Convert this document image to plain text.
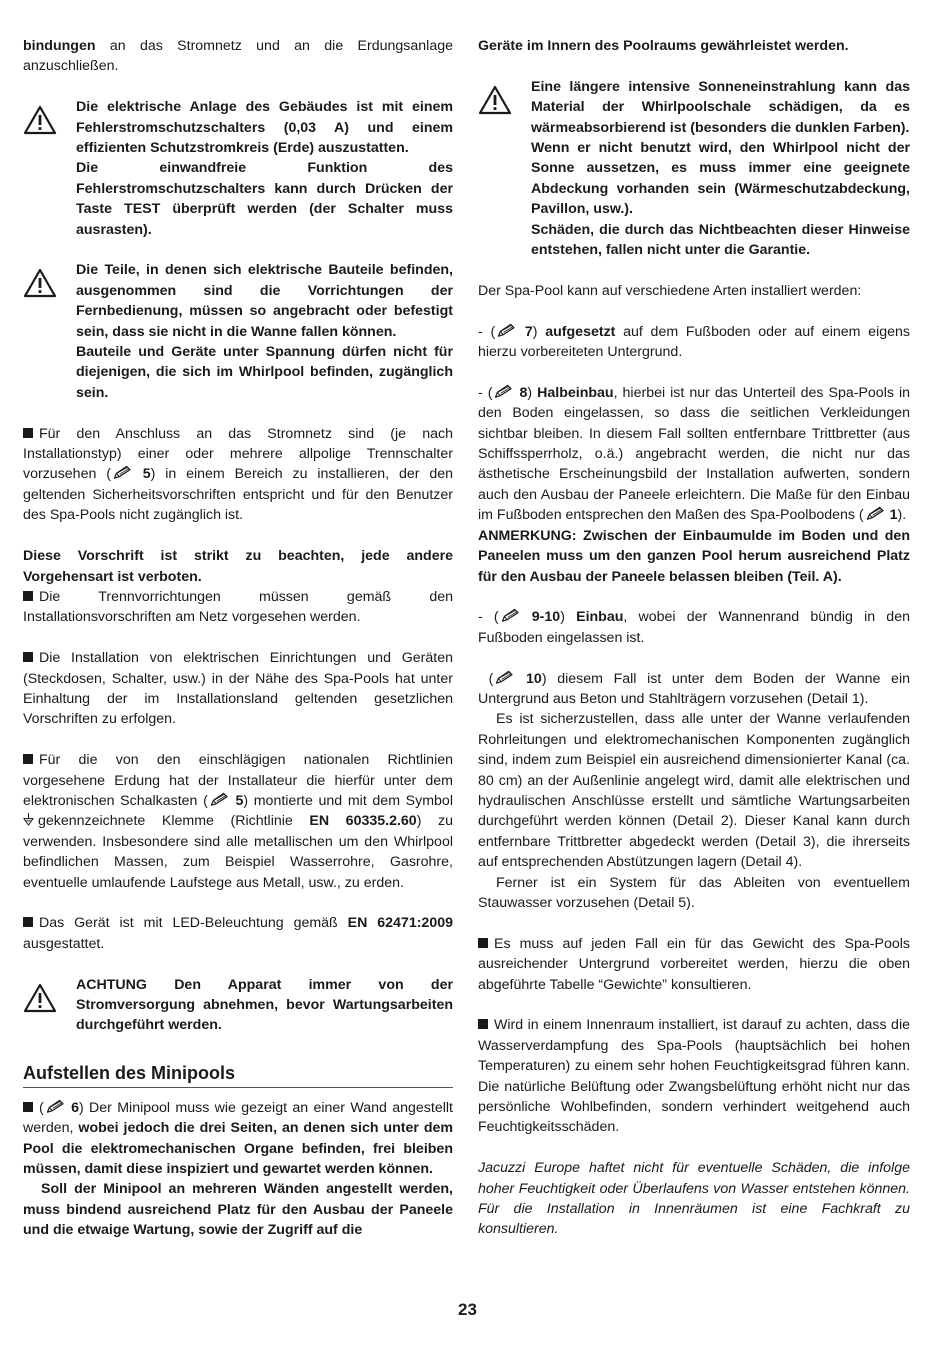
bindungen an das Stromnetz und an die Erdungsanlage anzuschließen.

Die elektrische Anlage des Gebäudes ist mit einem Fehlerstromschutzschalters (0,03 A) und einem effizienten Schutzstromkreis (Erde) auszustatten.

Die einwandfreie Funktion des Fehlerstromschutzschalters kann durch Drücken der Taste TEST überprüft werden (der Schalter muss ausrasten).

Die Teile, in denen sich elektrische Bauteile befinden, ausgenommen sind die Vorrichtungen der Fernbedienung, müssen so angebracht oder befestigt sein, dass sie nicht in die Wanne fallen können.

Bauteile und Geräte unter Spannung dürfen nicht für diejenigen, die sich im Whirlpool befinden, zugänglich sein.

Für den Anschluss an das Stromnetz sind (je nach Installationstyp) einer oder mehrere allpolige Trennschalter vorzusehen ( 5) in einem Bereich zu installieren, der den geltenden Sicherheitsvorschriften entspricht und für den Benutzer des Spa-Pools nicht zugänglich ist.

Diese Vorschrift ist strikt zu beachten, jede andere Vorgehensart ist verboten.

Die Trennvorrichtungen müssen gemäß den Installationsvorschriften am Netz vorgesehen werden.

Die Installation von elektrischen Einrichtungen und Geräten (Steckdosen, Schalter, usw.) in der Nähe des Spa-Pools hat unter Einhaltung der im Installationsland geltenden gesetzlichen Vorschriften zu erfolgen.

Für die von den einschlägigen nationalen Richtlinien vorgesehene Erdung hat der Installateur die hierfür unter dem elektronischen Schalkasten ( 5) montierte und mit dem Symbol gekennzeichnete Klemme (Richtlinie EN 60335.2.60) zu verwenden. Insbesondere sind alle metallischen um den Whirlpool befindlichen Massen, zum Beispiel Wasserrohre, Gasrohre, eventuelle umlaufende Laufstege aus Metall, usw., zu erden.

Das Gerät ist mit LED-Beleuchtung gemäß EN 62471:2009 ausgestattet.

ACHTUNG Den Apparat immer von der Stromversorgung abnehmen, bevor Wartungsarbeiten durchgeführt werden.

Aufstellen des Minipools

( 6) Der Minipool muss wie gezeigt an einer Wand angestellt werden, wobei jedoch die drei Seiten, an denen sich unter dem Pool die elektromechanischen Organe befinden, frei bleiben müssen, damit diese inspiziert und gewartet werden können.

Soll der Minipool an mehreren Wänden angestellt werden, muss bindend ausreichend Platz für den Ausbau der Paneele und die etwaige Wartung, sowie der Zugriff auf die

Geräte im Innern des Poolraums gewährleistet werden.

Eine längere intensive Sonneneinstrahlung kann das Material der Whirlpoolschale schädigen, da es wärmeabsorbierend ist (besonders die dunklen Farben).

Wenn er nicht benutzt wird, den Whirlpool nicht der Sonne aussetzen, es muss immer eine geeignete Abdeckung vorhanden sein (Wärmeschutzabdeckung, Pavillon, usw.).

Schäden, die durch das Nichtbeachten dieser Hinweise entstehen, fallen nicht unter die Garantie.

Der Spa-Pool kann auf verschiedene Arten installiert werden:

- ( 7) aufgesetzt auf dem Fußboden oder auf einem eigens hierzu vorbereiteten Untergrund.

- ( 8) Halbeinbau, hierbei ist nur das Unterteil des Spa-Pools in den Boden eingelassen, so dass die seitlichen Verkleidungen sichtbar bleiben. In diesem Fall sollten entfernbare Trittbretter (aus Schiffssperrholz, o.ä.) angebracht werden, die nicht nur das ästhetische Erscheinungsbild der Installation aufwerten, sondern auch den Ausbau der Paneele erleichtern. Die Maße für den Einbau im Fußboden entsprechen den Maßen des Spa-Poolbodens ( 1).

ANMERKUNG: Zwischen der Einbaumulde im Boden und den Paneelen muss um den ganzen Pool herum ausreichend Platz für den Ausbau der Paneele belassen bleiben (Teil. A).

- ( 9-10) Einbau, wobei der Wannenrand bündig in den Fußboden eingelassen ist.

( 10) diesem Fall ist unter dem Boden der Wanne ein Untergrund aus Beton und Stahlträgern vorzusehen (Detail 1).

Es ist sicherzustellen, dass alle unter der Wanne verlaufenden Rohrleitungen und elektromechanischen Komponenten zugänglich sind, indem zum Beispiel ein ausreichend dimensionierter Kanal (ca. 80 cm) an der Außenlinie angelegt wird, damit alle elektrischen und hydraulischen Anschlüsse erstellt und sämtliche Wartungsarbeiten durchgeführt werden können (Detail 2). Dieser Kanal kann durch entfernbare Trittbretter abgedeckt werden (Detail 3), die ihrerseits auf entsprechenden Abstützungen lagern (Detail 4).

Ferner ist ein System für das Ableiten von eventuellem Stauwasser vorzusehen (Detail 5).

Es muss auf jeden Fall ein für das Gewicht des Spa-Pools ausreichender Untergrund vorbereitet werden, hierzu die oben abgeführte Tabelle “Gewichte” konsultieren.

Wird in einem Innenraum installiert, ist darauf zu achten, dass die Wasserverdampfung des Spa-Pools (hauptsächlich bei hohen Temperaturen) zu einem sehr hohen Feuchtigkeitsgrad führen kann. Die natürliche Belüftung oder Zwangsbelüftung erhöht nicht nur das persönliche Wohlbefinden, sondern verhindert weitgehend auch Feuchtigkeitsschäden.

Jacuzzi Europe haftet nicht für eventuelle Schäden, die infolge hoher Feuchtigkeit oder Überlaufens von Wasser entstehen können. Für die Installation in Innenräumen ist eine Fachkraft zu konsultieren.

23
